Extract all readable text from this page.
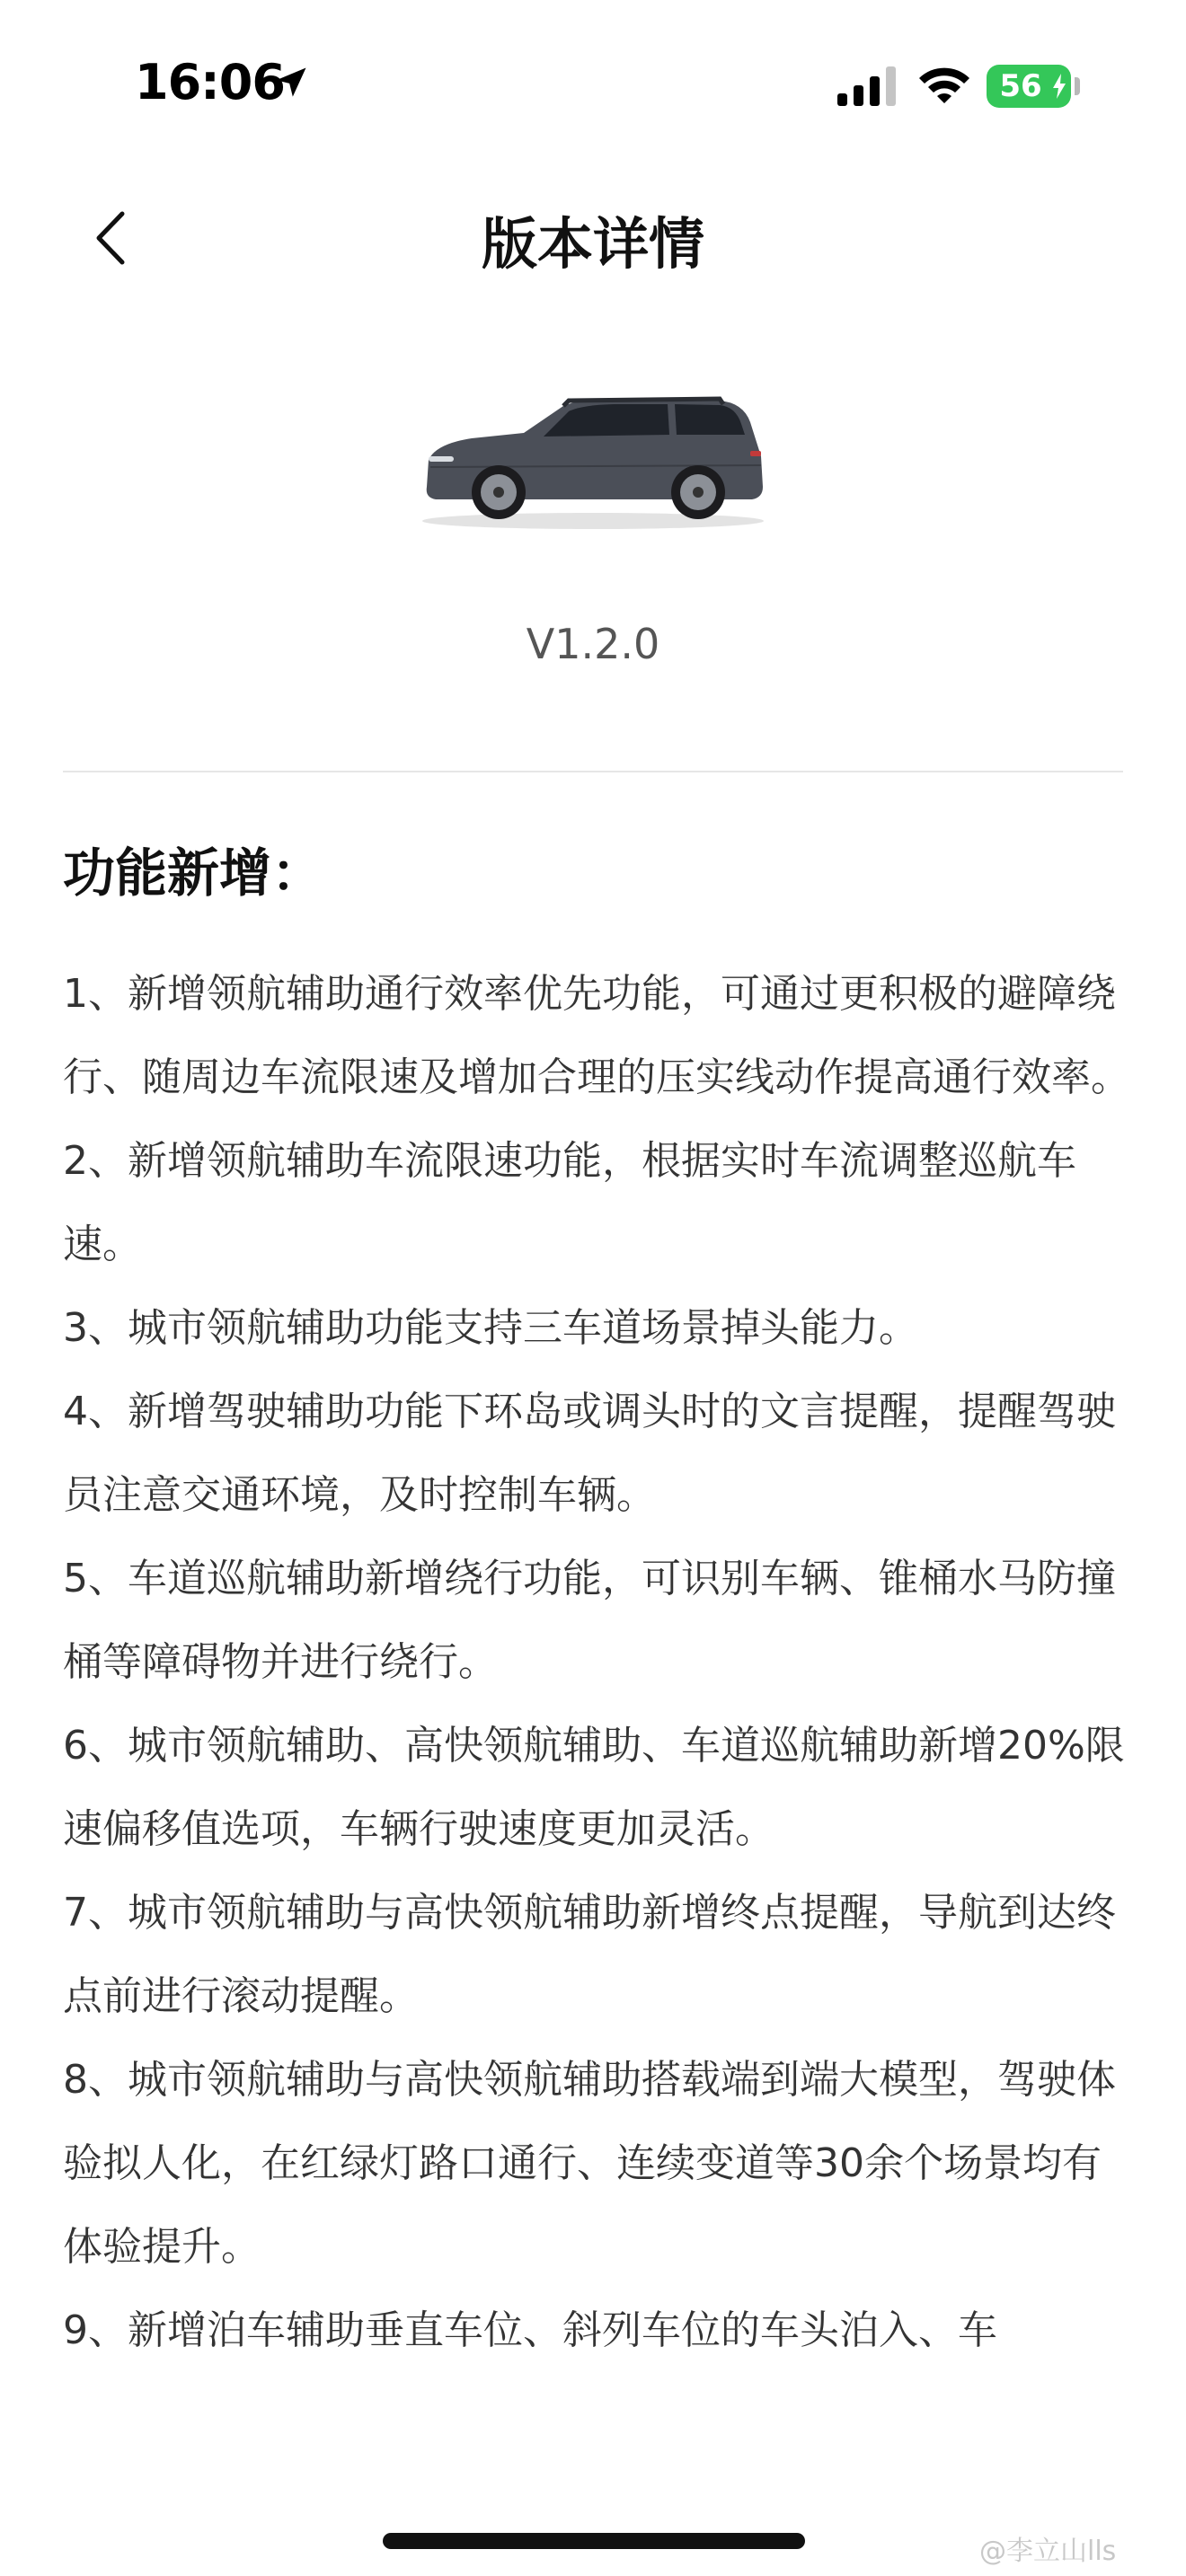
16:06	56
版本详情
V1.2.0
功能新增：

1、新增领航辅助通行效率优先功能，可通过更积极的避障绕行、随周边车流限速及增加合理的压实线动作提高通行效率。

2、新增领航辅助车流限速功能，根据实时车流调整巡航车速。

3、城市领航辅助功能支持三车道场景掉头能力。

4、新增驾驶辅助功能下环岛或调头时的文言提醒，提醒驾驶员注意交通环境，及时控制车辆。

5、车道巡航辅助新增绕行功能，可识别车辆、锥桶水马防撞桶等障碍物并进行绕行。

6、城市领航辅助、高快领航辅助、车道巡航辅助新增20%限速偏移值选项，车辆行驶速度更加灵活。

7、城市领航辅助与高快领航辅助新增终点提醒，导航到达终点前进行滚动提醒。

8、城市领航辅助与高快领航辅助搭载端到端大模型，驾驶体验拟人化，在红绿灯路口通行、连续变道等30余个场景均有体验提升。

9、新增泊车辅助垂直车位、斜列车位的车头泊入、车

@李立山lls
